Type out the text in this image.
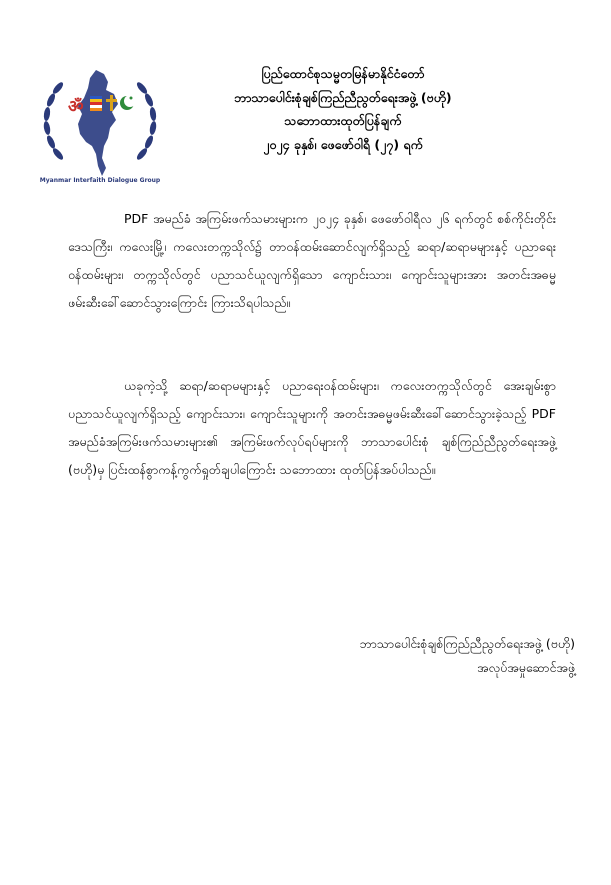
ॐ
Myanmar Interfaith Dialogue Group
ပြည်ထောင်စုသမ္မတမြန်မာနိုင်ငံတော်
ဘာသာပေါင်းစုံချစ်ကြည်ညီညွတ်ရေးအဖွဲ့ (ဗဟို)
သဘောထားထုတ်ပြန်ချက်
၂၀၂၄ ခုနှစ်၊ ဖေဖော်ဝါရီ (၂၇) ရက်

PDF အမည်ခံ အကြမ်းဖက်သမားများက ၂၀၂၄ ခုနှစ်၊ ဖေဖော်ဝါရီလ ၂၆ ရက်တွင် စစ်ကိုင်းတိုင်းဒေသကြီး၊ ကလေးမြို့၊ ကလေးတက္ကသိုလ်၌ တာဝန်ထမ်းဆောင်လျက်ရှိသည့် ဆရာ/ဆရာမများနှင့် ပညာရေးဝန်ထမ်းများ၊ တက္ကသိုလ်တွင် ပညာသင်ယူလျက်ရှိသော ကျောင်းသား၊ ကျောင်းသူများအား အတင်းအဓမ္မ ဖမ်းဆီးခေါ်ဆောင်သွားကြောင်း ကြားသိရပါသည်။

ယခုကဲ့သို့ ဆရာ/ဆရာမများနှင့် ပညာရေးဝန်ထမ်းများ၊ ကလေးတက္ကသိုလ်တွင် အေးချမ်းစွာ ပညာသင်ယူလျက်ရှိသည့် ကျောင်းသား၊ ကျောင်းသူများကို အတင်းအဓမ္မဖမ်းဆီးခေါ်ဆောင်သွားခဲ့သည့် PDF အမည်ခံအကြမ်းဖက်သမားများ၏ အကြမ်းဖက်လုပ်ရပ်များကို ဘာသာပေါင်းစုံ ချစ်ကြည်ညီညွတ်ရေးအဖွဲ့ (ဗဟို)မှ ပြင်းထန်စွာကန့်ကွက်ရှုတ်ချပါကြောင်း သဘောထား ထုတ်ပြန်အပ်ပါသည်။

ဘာသာပေါင်းစုံချစ်ကြည်ညီညွတ်ရေးအဖွဲ့ (ဗဟို)
အလုပ်အမှုဆောင်အဖွဲ့
